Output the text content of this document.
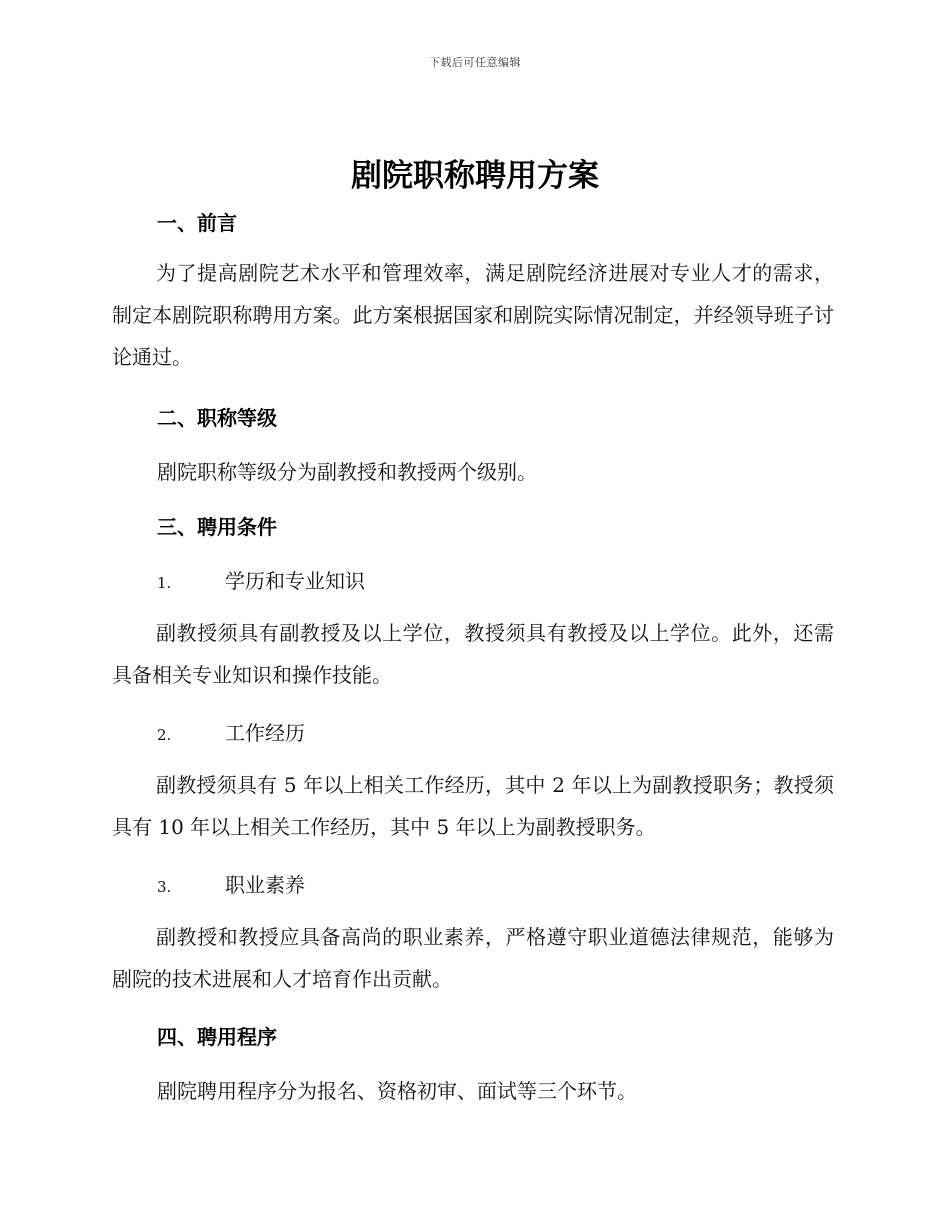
下载后可任意编辑
剧院职称聘用方案
一、前言
为了提高剧院艺术水平和管理效率，满足剧院经济进展对专业人才的需求，制定本剧院职称聘用方案。此方案根据国家和剧院实际情况制定，并经领导班子讨论通过。
二、职称等级
剧院职称等级分为副教授和教授两个级别。
三、聘用条件
1.	学历和专业知识
副教授须具有副教授及以上学位，教授须具有教授及以上学位。此外，还需具备相关专业知识和操作技能。
2.	工作经历
副教授须具有 5 年以上相关工作经历，其中 2 年以上为副教授职务；教授须具有 10 年以上相关工作经历，其中 5 年以上为副教授职务。
3.	职业素养
副教授和教授应具备高尚的职业素养，严格遵守职业道德法律规范，能够为剧院的技术进展和人才培育作出贡献。
四、聘用程序
剧院聘用程序分为报名、资格初审、面试等三个环节。
